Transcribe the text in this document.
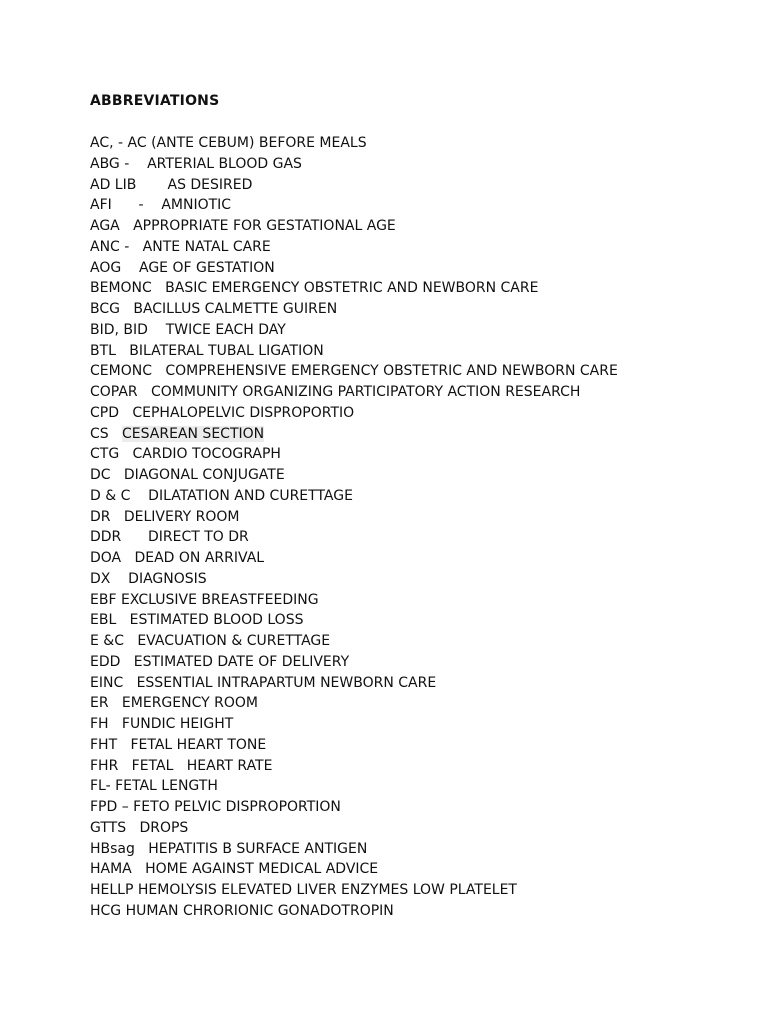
ABBREVIATIONS
AC, - AC (ANTE CEBUM) BEFORE MEALS
ABG -    ARTERIAL BLOOD GAS
AD LIB       AS DESIRED
AFI      -    AMNIOTIC
AGA   APPROPRIATE FOR GESTATIONAL AGE
ANC -   ANTE NATAL CARE
AOG    AGE OF GESTATION
BEMONC   BASIC EMERGENCY OBSTETRIC AND NEWBORN CARE
BCG   BACILLUS CALMETTE GUIREN
BID, BID    TWICE EACH DAY
BTL   BILATERAL TUBAL LIGATION
CEMONC   COMPREHENSIVE EMERGENCY OBSTETRIC AND NEWBORN CARE
COPAR   COMMUNITY ORGANIZING PARTICIPATORY ACTION RESEARCH
CPD   CEPHALOPELVIC DISPROPORTIO
CS   CESAREAN SECTION
CTG   CARDIO TOCOGRAPH
DC   DIAGONAL CONJUGATE
D & C    DILATATION AND CURETTAGE
DR   DELIVERY ROOM
DDR      DIRECT TO DR
DOA   DEAD ON ARRIVAL
DX    DIAGNOSIS
EBF EXCLUSIVE BREASTFEEDING
EBL   ESTIMATED BLOOD LOSS
E &C   EVACUATION & CURETTAGE
EDD   ESTIMATED DATE OF DELIVERY
EINC   ESSENTIAL INTRAPARTUM NEWBORN CARE
ER   EMERGENCY ROOM
FH   FUNDIC HEIGHT
FHT   FETAL HEART TONE
FHR   FETAL   HEART RATE
FL- FETAL LENGTH
FPD – FETO PELVIC DISPROPORTION
GTTS   DROPS
HBsag   HEPATITIS B SURFACE ANTIGEN
HAMA   HOME AGAINST MEDICAL ADVICE
HELLP HEMOLYSIS ELEVATED LIVER ENZYMES LOW PLATELET
HCG HUMAN CHRORIONIC GONADOTROPIN
